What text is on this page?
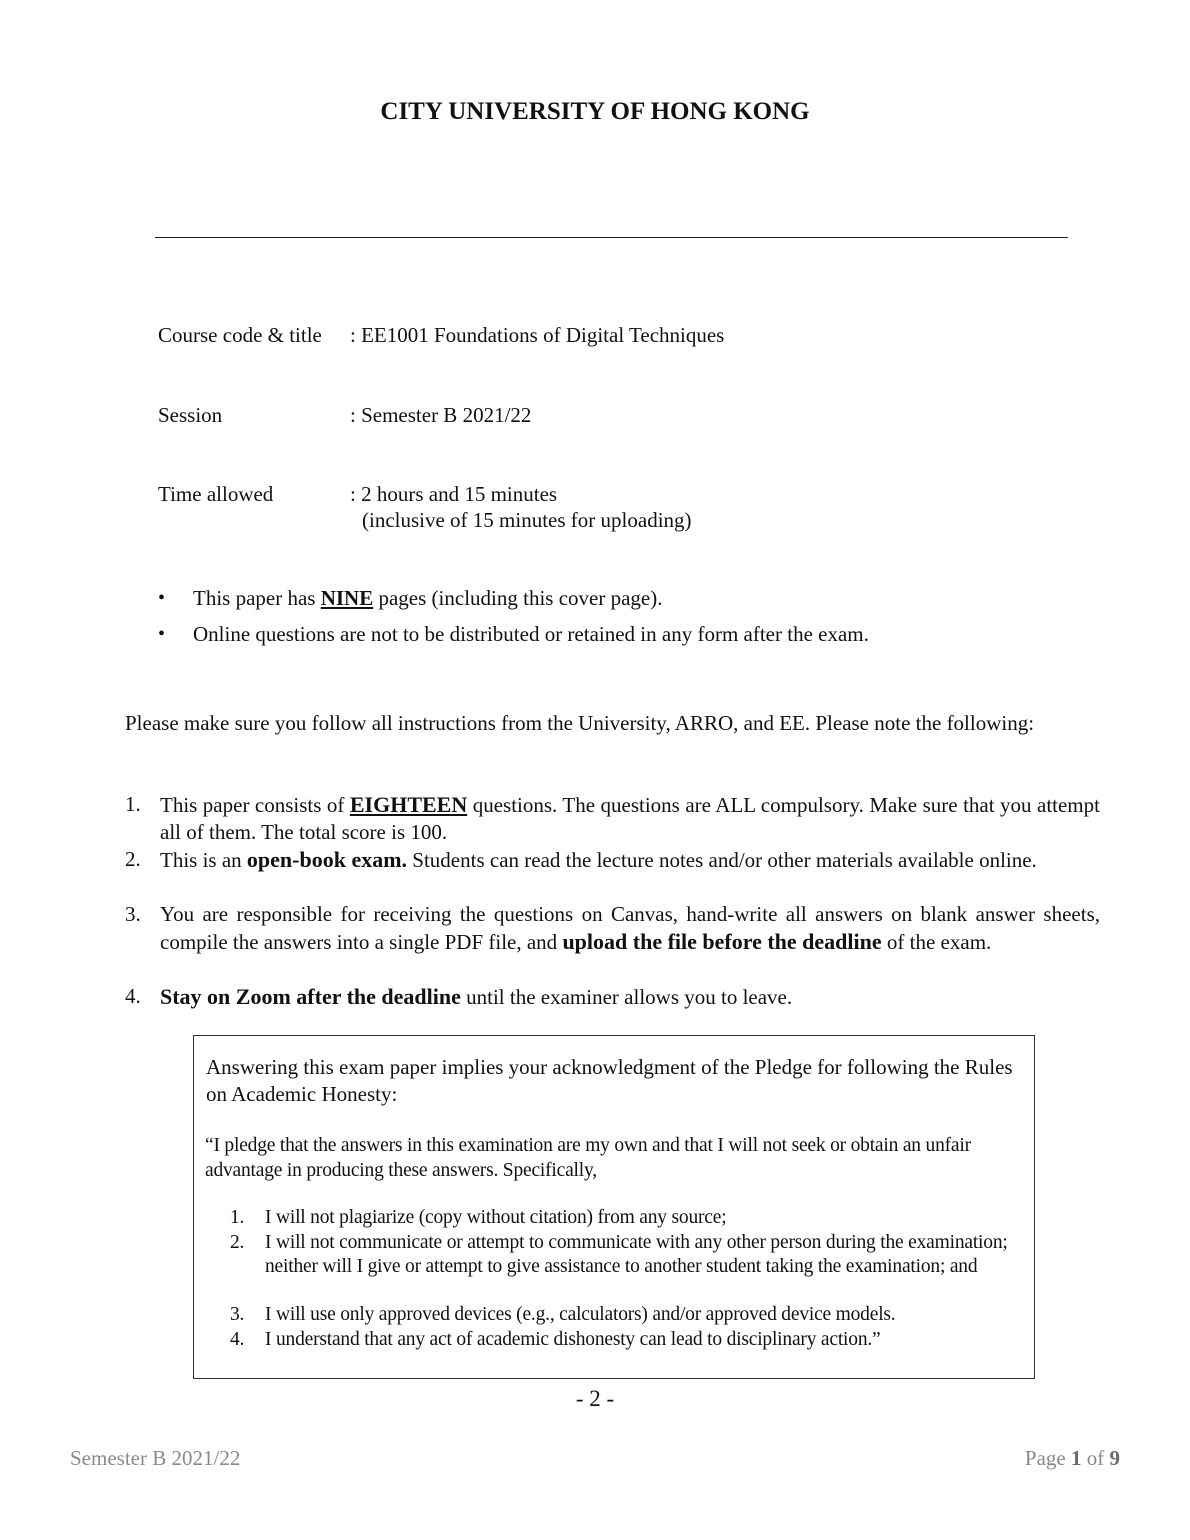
CITY UNIVERSITY OF HONG KONG
Course code & title : EE1001 Foundations of Digital Techniques
Session	: Semester B 2021/22
Time allowed	: 2 hours and 15 minutes
(inclusive of 15 minutes for uploading)
• This paper has NINE pages (including this cover page).
• Online questions are not to be distributed or retained in any form after the exam.
Please make sure you follow all instructions from the University, ARRO, and EE. Please note the following:
1. This paper consists of EIGHTEEN questions. The questions are ALL compulsory. Make sure that you attempt all of them. The total score is 100.
2. This is an open-book exam. Students can read the lecture notes and/or other materials available online.
3. You are responsible for receiving the questions on Canvas, hand-write all answers on blank answer sheets, compile the answers into a single PDF file, and upload the file before the deadline of the exam.
4. Stay on Zoom after the deadline until the examiner allows you to leave.
Answering this exam paper implies your acknowledgment of the Pledge for following the Rules on Academic Honesty:
“I pledge that the answers in this examination are my own and that I will not seek or obtain an unfair advantage in producing these answers. Specifically,
1. I will not plagiarize (copy without citation) from any source;
2. I will not communicate or attempt to communicate with any other person during the examination; neither will I give or attempt to give assistance to another student taking the examination; and
3. I will use only approved devices (e.g., calculators) and/or approved device models.
4. I understand that any act of academic dishonesty can lead to disciplinary action.”
- 2 -
Semester B 2021/22	Page 1 of 9
